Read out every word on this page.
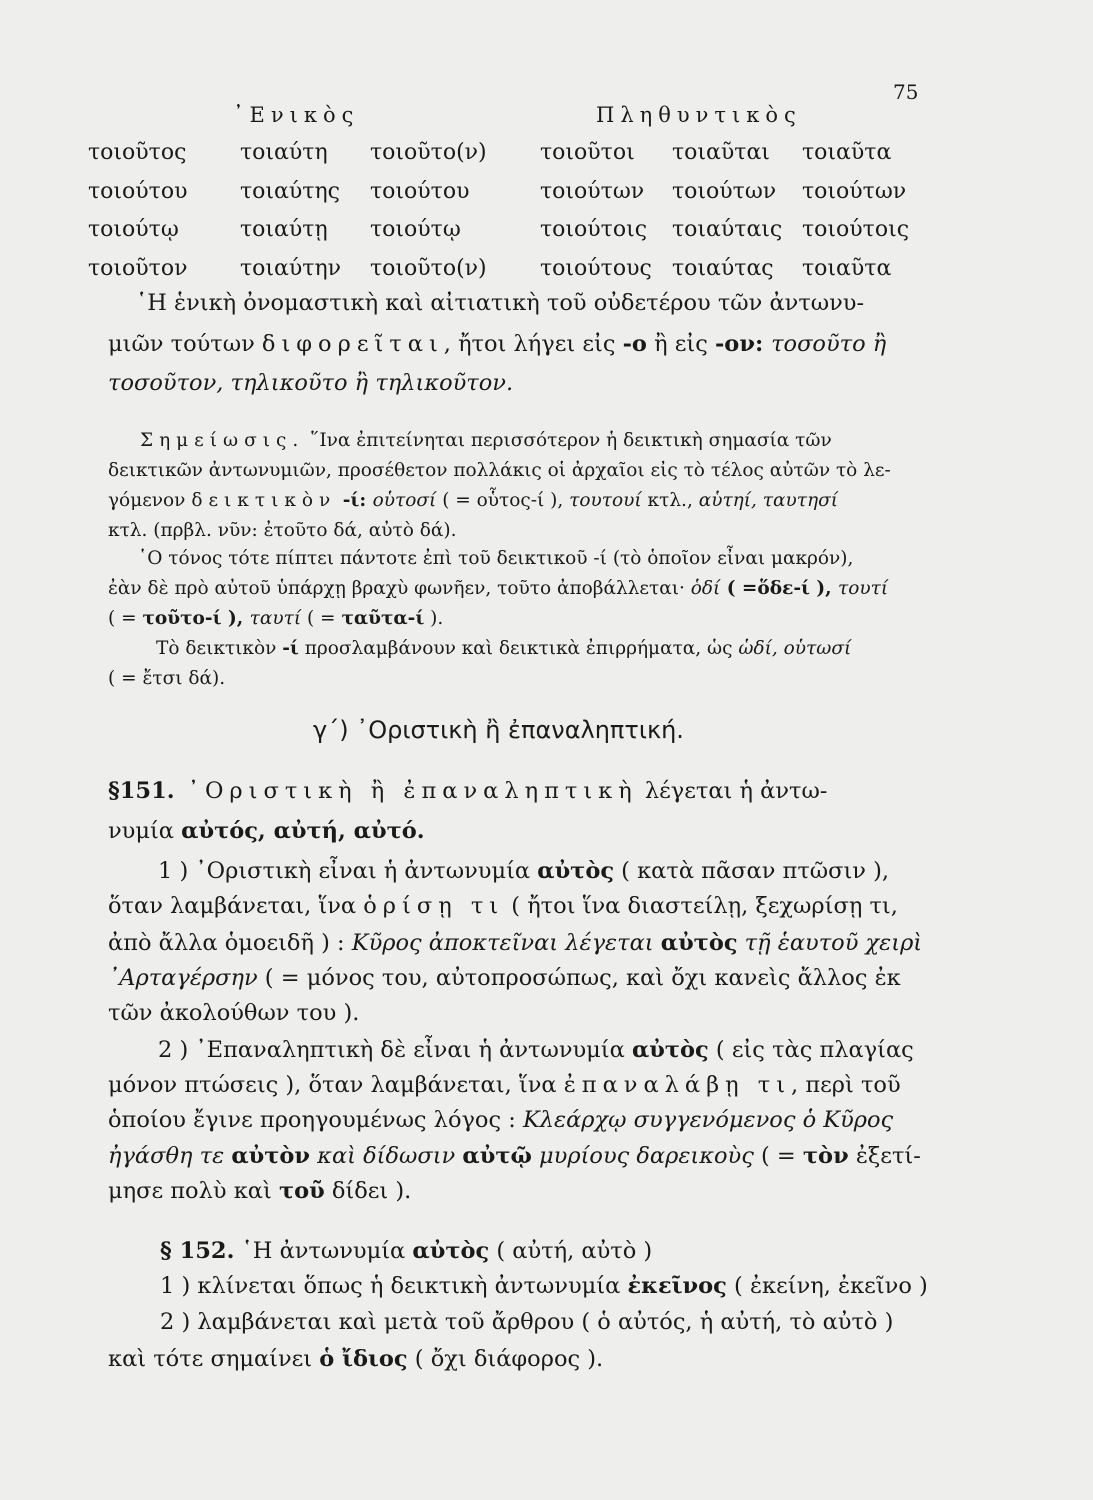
75
᾿Ενικὸς	Πληθυντικὸς
τοιοῦτος τοιαύτη τοιοῦτο(ν) τοιοῦτοι τοιαῦται τοιαῦτα
τοιούτου τοιαύτης τοιούτου	τοιούτων τοιούτων τοιούτων
τοιούτῳ	τοιαύτῃ τοιούτῳ	τοιούτοις τοιαύταις τοιούτοις
τοιοῦτον τοιαύτην τοιοῦτο(ν) τοιούτους τοιαύτας τοιαῦτα
῾Η ἑνικὴ ὀνομαστικὴ καὶ αἰτιατικὴ τοῦ οὐδετέρου τῶν ἀντωνυ-
μιῶν τούτων διφορεῖται, ἤτοι λήγει εἰς -ο ἢ εἰς -ον: τοσοῦτο ἢ
τοσοῦτον, τηλικοῦτο ἢ τηλικοῦτον.
Σημείωσις. ῞Ινα ἐπιτείνηται περισσότερον ἡ δεικτικὴ σημασία τῶν
δεικτικῶν ἀντωνυμιῶν, προσέθετον πολλάκις οἱ ἀρχαῖοι εἰς τὸ τέλος αὐτῶν τὸ λε-
γόμενον δεικτικὸν -ί: οὑτοσί ( = οὗτος-ί ), τουτουί κτλ., αὑτηί, ταυτησί
κτλ. (πρβλ. νῦν: ἐτοῦτο δά, αὐτὸ δά).
῾Ο τόνος τότε πίπτει πάντοτε ἐπὶ τοῦ δεικτικοῦ -ί (τὸ ὁποῖον εἶναι μακρόν),
ἐὰν δὲ πρὸ αὐτοῦ ὑπάρχῃ βραχὺ φωνῆεν, τοῦτο ἀποβάλλεται· ὁδί ( =ὅδε-ί ), τουτί
( = τοῦτο-ί ), ταυτί ( = ταῦτα-ί ).
Τὸ δεικτικὸν -ί προσλαμβάνουν καὶ δεικτικὰ ἐπιρρήματα, ὡς ὡδί, οὑτωσί
( = ἔτσι δά).
γ΄) ᾿Οριστικὴ ἢ ἐπαναληπτική.
§151. ᾿Οριστικὴ ἢ ἐπαναληπτικὴ λέγεται ἡ ἀντω-
νυμία αὐτός, αὐτή, αὐτό.
1 ) ᾿Οριστικὴ εἶναι ἡ ἀντωνυμία αὐτὸς ( κατὰ πᾶσαν πτῶσιν ),
ὅταν λαμβάνεται, ἵνα ὁρίσῃ τι ( ἤτοι ἵνα διαστείλῃ, ξεχωρίσῃ τι,
ἀπὸ ἄλλα ὁμοειδῆ ) : Κῦρος ἀποκτεῖναι λέγεται αὐτὸς τῇ ἑαυτοῦ χειρὶ
᾿Αρταγέρσην ( = μόνος του, αὐτοπροσώπως, καὶ ὄχι κανεὶς ἄλλος ἐκ
τῶν ἀκολούθων του ).
2 ) ᾿Επαναληπτικὴ δὲ εἶναι ἡ ἀντωνυμία αὐτὸς ( εἰς τὰς πλαγίας
μόνον πτώσεις ), ὅταν λαμβάνεται, ἵνα ἐπαναλάβῃ τι, περὶ τοῦ
ὁποίου ἔγινε προηγουμένως λόγος : Κλεάρχῳ συγγενόμενος ὁ Κῦρος
ἠγάσθη τε αὐτὸν καὶ δίδωσιν αὐτῷ μυρίους δαρεικοὺς ( = τὸν ἐξετί-
μησε πολὺ καὶ τοῦ δίδει ).
§ 152. ῾Η ἀντωνυμία αὐτὸς ( αὐτή, αὐτὸ )
1 ) κλίνεται ὅπως ἡ δεικτικὴ ἀντωνυμία ἐκεῖνος ( ἐκείνη, ἐκεῖνο )
2 ) λαμβάνεται καὶ μετὰ τοῦ ἄρθρου ( ὁ αὐτός, ἡ αὐτή, τὸ αὐτὸ )
καὶ τότε σημαίνει ὁ ἴδιος ( ὄχι διάφορος ).
